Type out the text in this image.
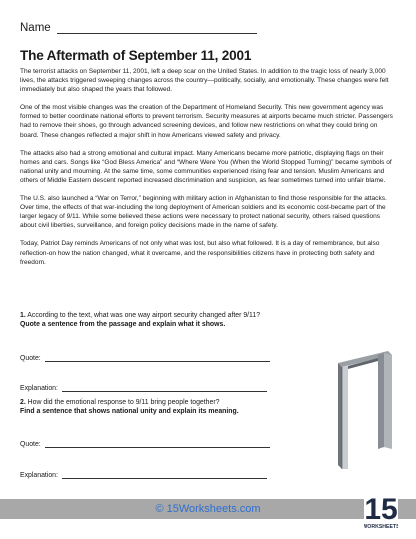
Name
The Aftermath of September 11, 2001

The terrorist attacks on September 11, 2001, left a deep scar on the United States. In addition to the tragic loss of nearly 3,000 lives, the attacks triggered sweeping changes across the country—politically, socially, and emotionally. These changes were felt immediately but also shaped the years that followed.

One of the most visible changes was the creation of the Department of Homeland Security. This new government agency was formed to better coordinate national efforts to prevent terrorism. Security measures at airports became much stricter. Passengers had to remove their shoes, go through advanced screening devices, and follow new restrictions on what they could bring on board. These changes reflected a major shift in how Americans viewed safety and privacy.

The attacks also had a strong emotional and cultural impact. Many Americans became more patriotic, displaying flags on their homes and cars. Songs like “God Bless America” and “Where Were You (When the World Stopped Turning)” became symbols of national unity and mourning. At the same time, some communities experienced rising fear and tension. Muslim Americans and others of Middle Eastern descent reported increased discrimination and suspicion, as fear sometimes turned into unfair blame.

The U.S. also launched a “War on Terror,” beginning with military action in Afghanistan to find those responsible for the attacks. Over time, the effects of that war-including the long deployment of American soldiers and its economic cost-became part of the larger legacy of 9/11. While some believed these actions were necessary to protect national security, others raised questions about civil liberties, surveillance, and foreign policy decisions made in the name of safety.

Today, Patriot Day reminds Americans of not only what was lost, but also what followed. It is a day of remembrance, but also reflection-on how the nation changed, what it overcame, and the responsibilities citizens have in protecting both safety and freedom.

1. According to the text, what was one way airport security changed after 9/11?
Quote a sentence from the passage and explain what it shows.
Quote:
Explanation:
2. How did the emotional response to 9/11 bring people together?
Find a sentence that shows national unity and explain its meaning.
Quote:
Explanation:
© 15Worksheets.com	15
WORKSHEETS
